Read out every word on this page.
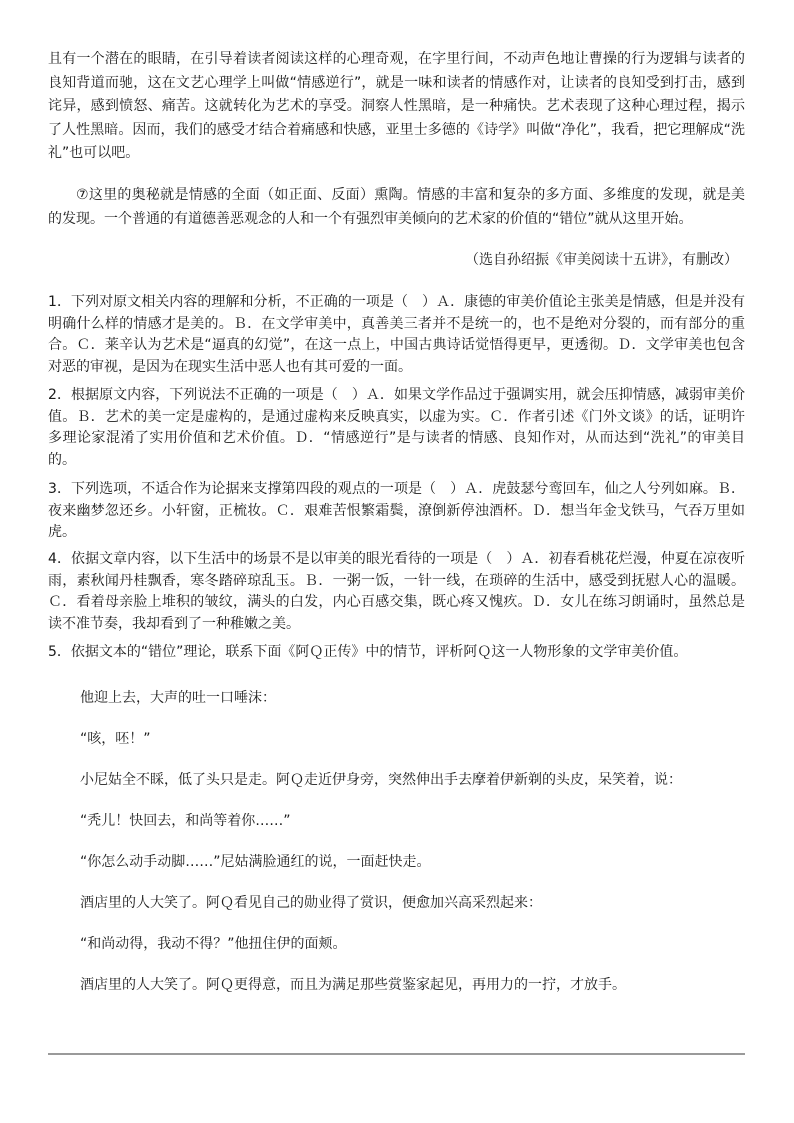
且有一个潜在的眼睛，在引导着读者阅读这样的心理奇观，在字里行间，不动声色地让曹操的行为逻辑与读者的良知背道而驰，这在文艺心理学上叫做“情感逆行”，就是一味和读者的情感作对，让读者的良知受到打击，感到诧异，感到愤怒、痛苦。这就转化为艺术的享受。洞察人性黑暗，是一种痛快。艺术表现了这种心理过程，揭示了人性黑暗。因而，我们的感受才结合着痛感和快感，亚里士多德的《诗学》叫做“净化”，我看，把它理解成“洗礼”也可以吧。

⑦这里的奥秘就是情感的全面（如正面、反面）熏陶。情感的丰富和复杂的多方面、多维度的发现，就是美的发现。一个普通的有道德善恶观念的人和一个有强烈审美倾向的艺术家的价值的“错位”就从这里开始。

（选自孙绍振《审美阅读十五讲》，有删改）

1．下列对原文相关内容的理解和分析，不正确的一项是（　）Ａ．康德的审美价值论主张美是情感，但是并没有明确什么样的情感才是美的。Ｂ．在文学审美中，真善美三者并不是统一的，也不是绝对分裂的，而有部分的重合。Ｃ．莱辛认为艺术是“逼真的幻觉”，在这一点上，中国古典诗话觉悟得更早，更透彻。Ｄ．文学审美也包含对恶的审视，是因为在现实生活中恶人也有其可爱的一面。

2．根据原文内容，下列说法不正确的一项是（　）Ａ．如果文学作品过于强调实用，就会压抑情感，减弱审美价值。Ｂ．艺术的美一定是虚构的，是通过虚构来反映真实，以虚为实。Ｃ．作者引述《门外文谈》的话，证明许多理论家混淆了实用价值和艺术价值。Ｄ．“情感逆行”是与读者的情感、良知作对，从而达到“洗礼”的审美目的。

3．下列选项，不适合作为论据来支撑第四段的观点的一项是（　）Ａ．虎鼓瑟兮鸾回车，仙之人兮列如麻。Ｂ．夜来幽梦忽还乡。小轩窗，正梳妆。Ｃ．艰难苦恨繁霜鬓，潦倒新停浊酒杯。Ｄ．想当年金戈铁马，气吞万里如虎。

4．依据文章内容，以下生活中的场景不是以审美的眼光看待的一项是（　）Ａ．初春看桃花烂漫，仲夏在凉夜听雨，素秋闻丹桂飘香，寒冬踏碎琼乱玉。Ｂ．一粥一饭，一针一线，在琐碎的生活中，感受到抚慰人心的温暖。Ｃ．看着母亲脸上堆积的皱纹，满头的白发，内心百感交集，既心疼又愧疚。Ｄ．女儿在练习朗诵时，虽然总是读不准节奏，我却看到了一种稚嫩之美。

5．依据文本的“错位”理论，联系下面《阿Ｑ正传》中的情节，评析阿Ｑ这一人物形象的文学审美价值。

他迎上去，大声的吐一口唾沫：

“咳，呸！”

小尼姑全不睬，低了头只是走。阿Ｑ走近伊身旁，突然伸出手去摩着伊新剃的头皮，呆笑着，说：

“秃儿！快回去，和尚等着你……”

“你怎么动手动脚……”尼姑满脸通红的说，一面赶快走。

酒店里的人大笑了。阿Ｑ看见自己的勋业得了赏识，便愈加兴高采烈起来：

“和尚动得，我动不得？”他扭住伊的面颊。

酒店里的人大笑了。阿Ｑ更得意，而且为满足那些赏鉴家起见，再用力的一拧，才放手。
